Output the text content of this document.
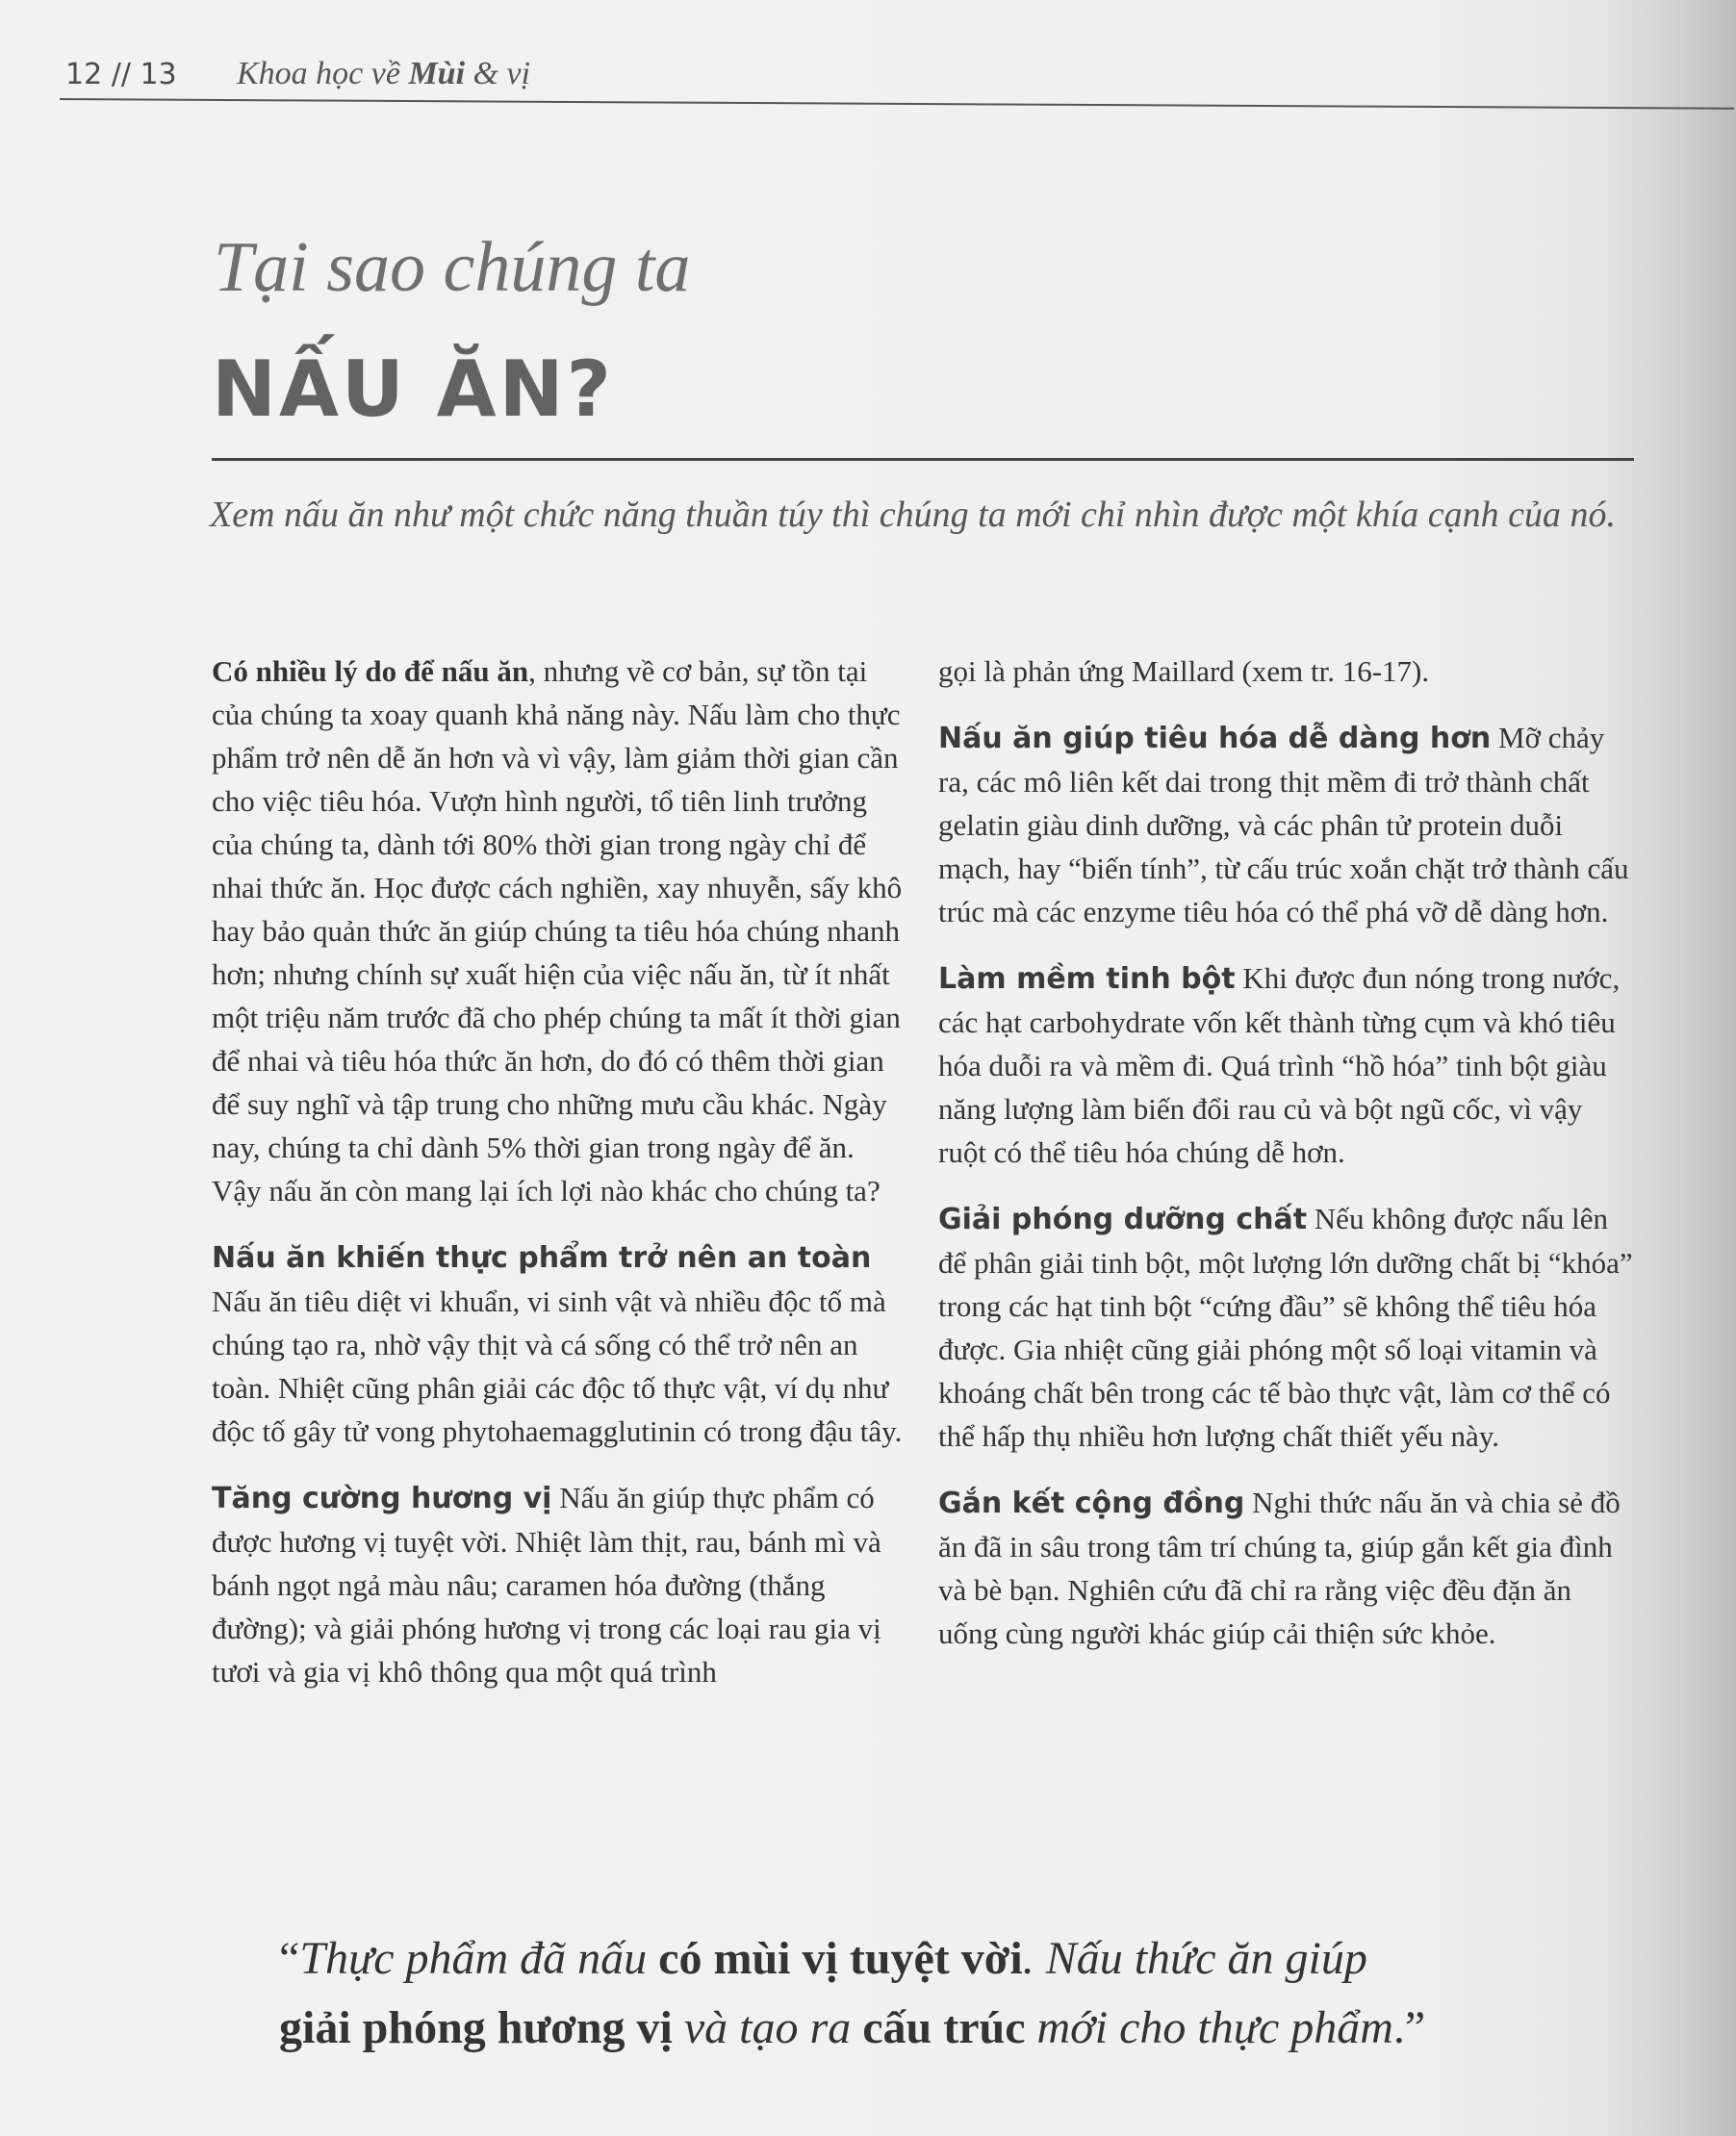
12 // 13 Khoa học về Mùi & vị
Tại sao chúng ta
NẤU ĂN?
Xem nấu ăn như một chức năng thuần túy thì chúng ta mới chỉ nhìn được một khía cạnh của nó.

Có nhiều lý do để nấu ăn, nhưng về cơ bản, sự tồn tại của chúng ta xoay quanh khả năng này. Nấu làm cho thực phẩm trở nên dễ ăn hơn và vì vậy, làm giảm thời gian cần cho việc tiêu hóa. Vượn hình người, tổ tiên linh trưởng của chúng ta, dành tới 80% thời gian trong ngày chỉ để nhai thức ăn. Học được cách nghiền, xay nhuyễn, sấy khô hay bảo quản thức ăn giúp chúng ta tiêu hóa chúng nhanh hơn; nhưng chính sự xuất hiện của việc nấu ăn, từ ít nhất một triệu năm trước đã cho phép chúng ta mất ít thời gian để nhai và tiêu hóa thức ăn hơn, do đó có thêm thời gian để suy nghĩ và tập trung cho những mưu cầu khác. Ngày nay, chúng ta chỉ dành 5% thời gian trong ngày để ăn. Vậy nấu ăn còn mang lại ích lợi nào khác cho chúng ta?

Nấu ăn khiến thực phẩm trở nên an toàn Nấu ăn tiêu diệt vi khuẩn, vi sinh vật và nhiều độc tố mà chúng tạo ra, nhờ vậy thịt và cá sống có thể trở nên an toàn. Nhiệt cũng phân giải các độc tố thực vật, ví dụ như độc tố gây tử vong phytohaemagglutinin có trong đậu tây.

Tăng cường hương vị Nấu ăn giúp thực phẩm có được hương vị tuyệt vời. Nhiệt làm thịt, rau, bánh mì và bánh ngọt ngả màu nâu; caramen hóa đường (thắng đường); và giải phóng hương vị trong các loại rau gia vị tươi và gia vị khô thông qua một quá trình

gọi là phản ứng Maillard (xem tr. 16-17).

Nấu ăn giúp tiêu hóa dễ dàng hơn Mỡ chảy ra, các mô liên kết dai trong thịt mềm đi trở thành chất gelatin giàu dinh dưỡng, và các phân tử protein duỗi mạch, hay “biến tính”, từ cấu trúc xoắn chặt trở thành cấu trúc mà các enzyme tiêu hóa có thể phá vỡ dễ dàng hơn.

Làm mềm tinh bột Khi được đun nóng trong nước, các hạt carbohydrate vốn kết thành từng cụm và khó tiêu hóa duỗi ra và mềm đi. Quá trình “hồ hóa” tinh bột giàu năng lượng làm biến đổi rau củ và bột ngũ cốc, vì vậy ruột có thể tiêu hóa chúng dễ hơn.

Giải phóng dưỡng chất Nếu không được nấu lên để phân giải tinh bột, một lượng lớn dưỡng chất bị “khóa” trong các hạt tinh bột “cứng đầu” sẽ không thể tiêu hóa được. Gia nhiệt cũng giải phóng một số loại vitamin và khoáng chất bên trong các tế bào thực vật, làm cơ thể có thể hấp thụ nhiều hơn lượng chất thiết yếu này.

Gắn kết cộng đồng Nghi thức nấu ăn và chia sẻ đồ ăn đã in sâu trong tâm trí chúng ta, giúp gắn kết gia đình và bè bạn. Nghiên cứu đã chỉ ra rằng việc đều đặn ăn uống cùng người khác giúp cải thiện sức khỏe.

“Thực phẩm đã nấu có mùi vị tuyệt vời. Nấu thức ăn giúp
giải phóng hương vị và tạo ra cấu trúc mới cho thực phẩm.”
